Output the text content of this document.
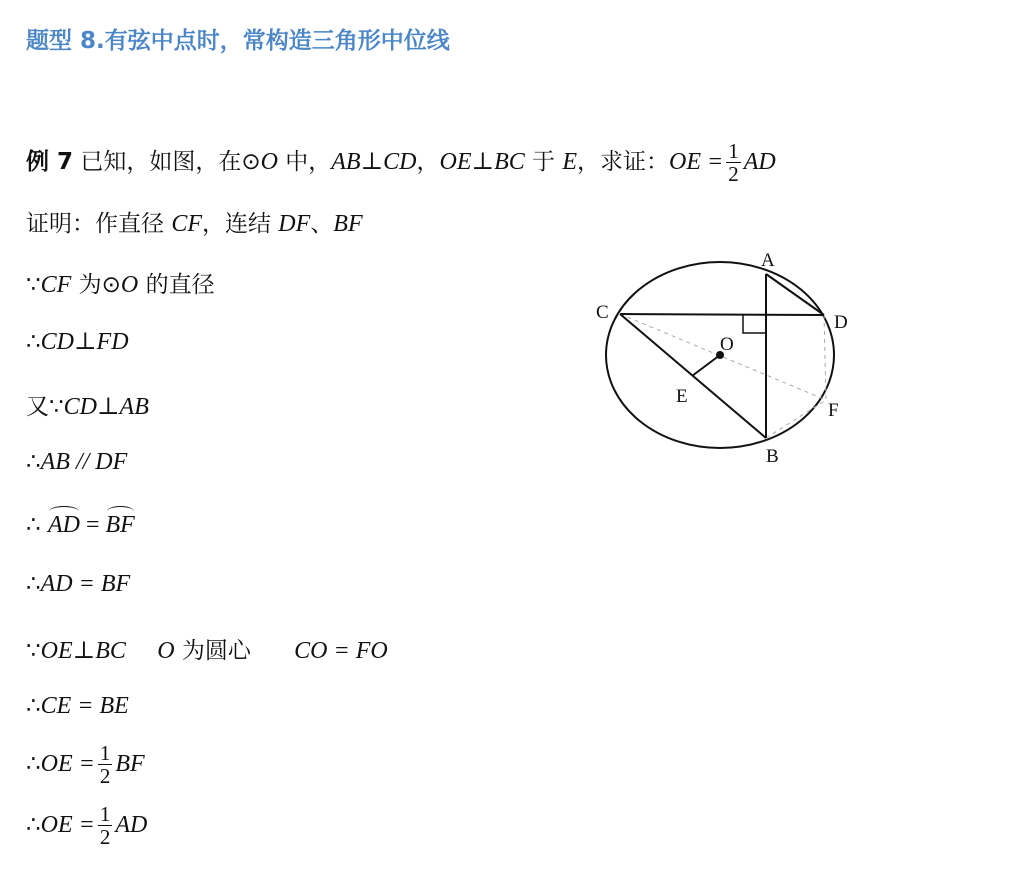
题型 8.有弦中点时，常构造三角形中位线
例 7 已知，如图，在⊙O 中，AB⊥CD，OE⊥BC 于 E，求证：OE = $\frac{1}{2}$ AD
证明：作直径 CF，连结 DF、BF
∵CF 为⊙O 的直径
∴CD⊥FD
又∵CD⊥AB
∴AB // DF
∴ AD = BF
∴AD = BF
∵OE⊥BC O 为圆心 CO = FO
∴CE = BE
∴OE = $\frac{1}{2}$ BF
∴OE = $\frac{1}{2}$ AD
A
B
C	D
E
F
O
